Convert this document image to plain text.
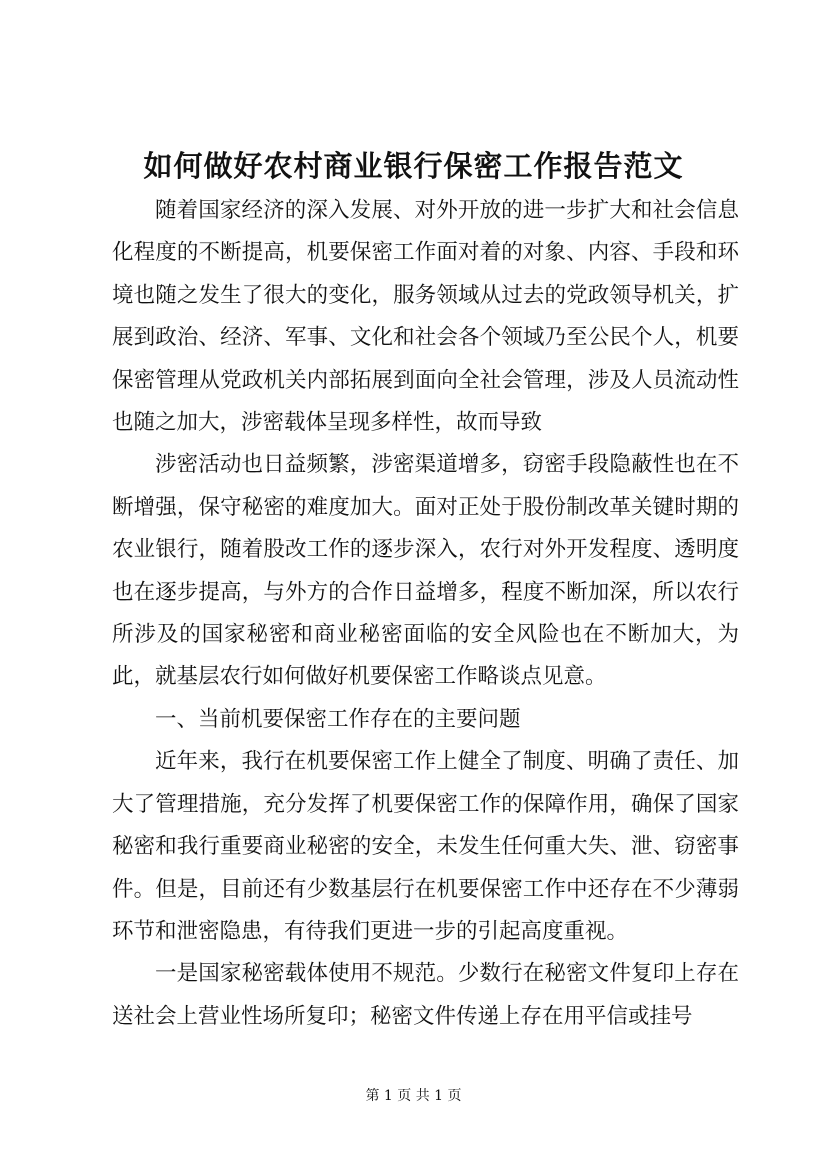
如何做好农村商业银行保密工作报告范文

随着国家经济的深入发展、对外开放的进一步扩大和社会信息化程度的不断提高，机要保密工作面对着的对象、内容、手段和环境也随之发生了很大的变化，服务领域从过去的党政领导机关，扩展到政治、经济、军事、文化和社会各个领域乃至公民个人，机要保密管理从党政机关内部拓展到面向全社会管理，涉及人员流动性也随之加大，涉密载体呈现多样性，故而导致

涉密活动也日益频繁，涉密渠道增多，窃密手段隐蔽性也在不断增强，保守秘密的难度加大。面对正处于股份制改革关键时期的农业银行，随着股改工作的逐步深入，农行对外开发程度、透明度也在逐步提高，与外方的合作日益增多，程度不断加深，所以农行所涉及的国家秘密和商业秘密面临的安全风险也在不断加大，为此，就基层农行如何做好机要保密工作略谈点见意。

一、当前机要保密工作存在的主要问题

近年来，我行在机要保密工作上健全了制度、明确了责任、加大了管理措施，充分发挥了机要保密工作的保障作用，确保了国家秘密和我行重要商业秘密的安全，未发生任何重大失、泄、窃密事件。但是，目前还有少数基层行在机要保密工作中还存在不少薄弱环节和泄密隐患，有待我们更进一步的引起高度重视。

一是国家秘密载体使用不规范。少数行在秘密文件复印上存在送社会上营业性场所复印；秘密文件传递上存在用平信或挂号

第 1 页 共 1 页
